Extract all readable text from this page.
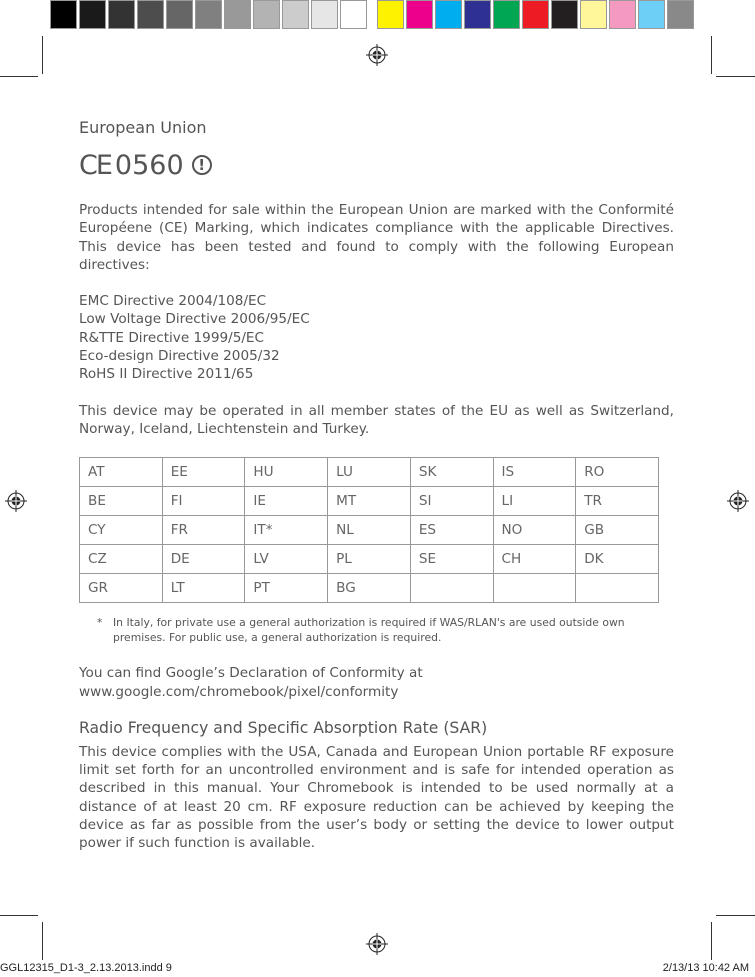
European Union
CE 0560 !

Products intended for sale within the European Union are marked with the Conformité Européene (CE) Marking, which indicates compliance with the applicable Directives. This device has been tested and found to comply with the following European directives:

EMC Directive 2004/108/EC
Low Voltage Directive 2006/95/EC
R&TTE Directive 1999/5/EC
Eco-design Directive 2005/32
RoHS II Directive 2011/65

This device may be operated in all member states of the EU as well as Switzerland, Norway, Iceland, Liechtenstein and Turkey.

AT	EE	HU	LU	SK	IS	RO
BE	FI	IE	MT	SI	LI	TR
CY	FR	IT*	NL	ES	NO	GB
CZ	DE	LV	PL	SE	CH	DK
GR	LT	PT	BG			
* In Italy, for private use a general authorization is required if WAS/RLAN's are used outside own premises. For public use, a general authorization is required.

You can find Google’s Declaration of Conformity at www.google.com/chromebook/pixel/conformity

Radio Frequency and Specific Absorption Rate (SAR)

This device complies with the USA, Canada and European Union portable RF exposure limit set forth for an uncontrolled environment and is safe for intended operation as described in this manual. Your Chromebook is intended to be used normally at a distance of at least 20 cm. RF exposure reduction can be achieved by keeping the device as far as possible from the user’s body or setting the device to lower output power if such function is available.

GGL12315_D1-3_2.13.2013.indd 9	2/13/13 10:42 AM
